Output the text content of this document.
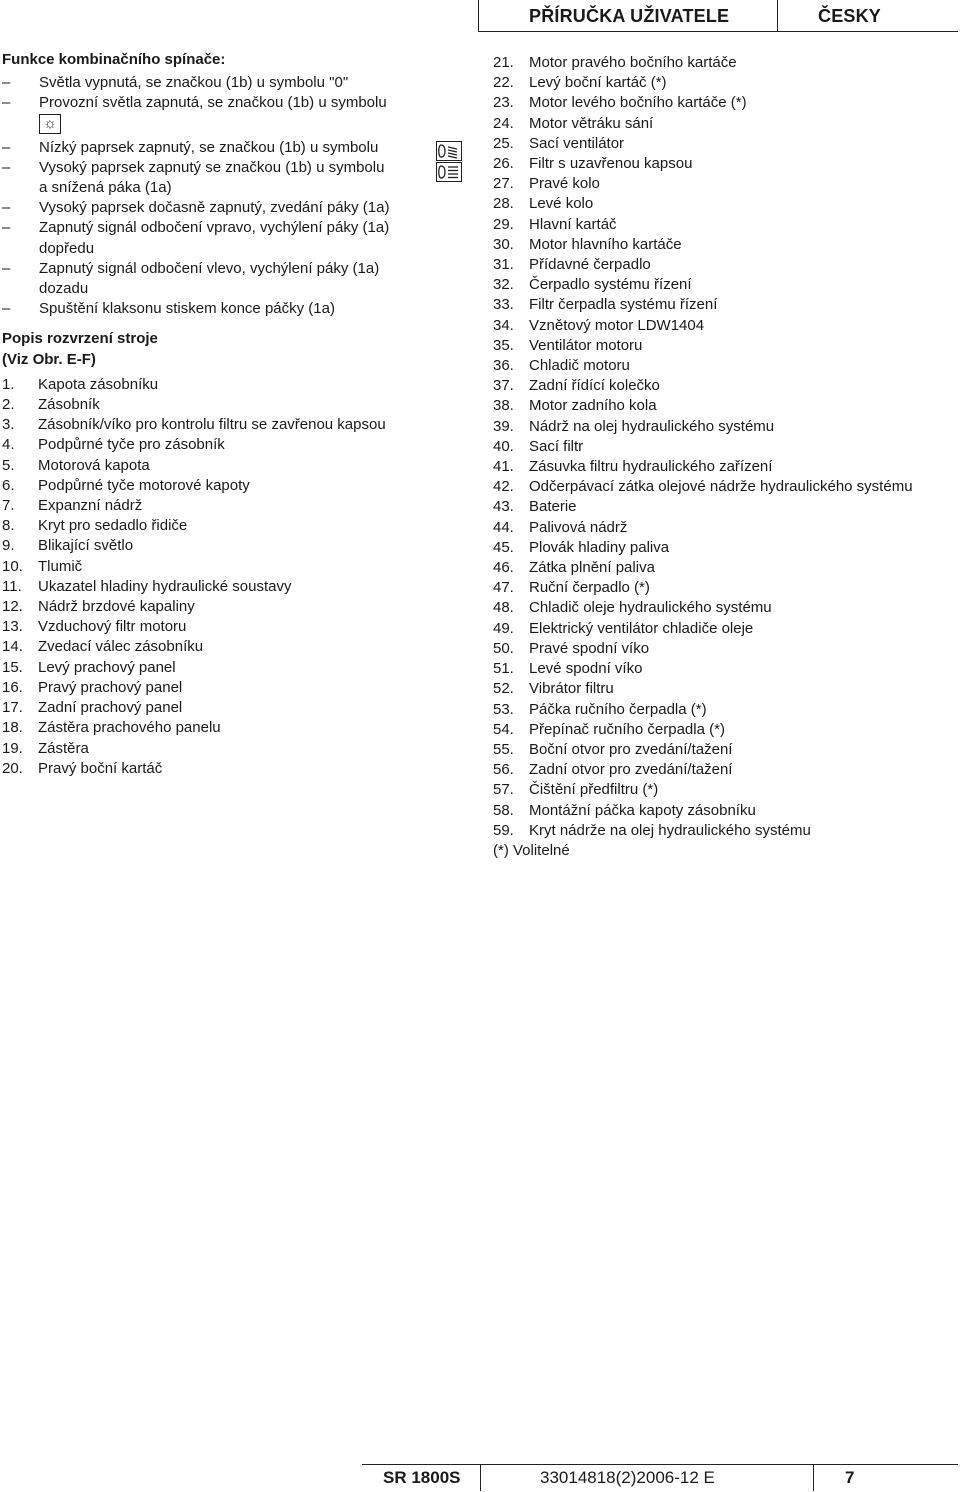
PŘÍRUČKA UŽIVATELE	ČESKY
Funkce kombinačního spínače:
– Světla vypnutá, se značkou (1b) u symbolu "0"
– Provozní světla zapnutá, se značkou (1b) u symbolu
☼
– Nízký paprsek zapnutý, se značkou (1b) u symbolu
– Vysoký paprsek zapnutý se značkou (1b) u symbolu
a snížená páka (1a)
– Vysoký paprsek dočasně zapnutý, zvedání páky (1a)
– Zapnutý signál odbočení vpravo, vychýlení páky (1a)
dopředu
– Zapnutý signál odbočení vlevo, vychýlení páky (1a)
dozadu
– Spuštění klaksonu stiskem konce páčky (1a)
Popis rozvrzení stroje
(Viz Obr. E-F)
1. Kapota zásobníku
2. Zásobník
3. Zásobník/víko pro kontrolu filtru se zavřenou kapsou
4. Podpůrné tyče pro zásobník
5. Motorová kapota
6. Podpůrné tyče motorové kapoty
7. Expanzní nádrž
8. Kryt pro sedadlo řidiče
9. Blikající světlo
10. Tlumič
11. Ukazatel hladiny hydraulické soustavy
12. Nádrž brzdové kapaliny
13. Vzduchový filtr motoru
14. Zvedací válec zásobníku
15. Levý prachový panel
16. Pravý prachový panel
17. Zadní prachový panel
18. Zástěra prachového panelu
19. Zástěra
20. Pravý boční kartáč
21. Motor pravého bočního kartáče
22. Levý boční kartáč (*)
23. Motor levého bočního kartáče (*)
24. Motor větráku sání
25. Sací ventilátor
26. Filtr s uzavřenou kapsou
27. Pravé kolo
28. Levé kolo
29. Hlavní kartáč
30. Motor hlavního kartáče
31. Přídavné čerpadlo
32. Čerpadlo systému řízení
33. Filtr čerpadla systému řízení
34. Vznětový motor LDW1404
35. Ventilátor motoru
36. Chladič motoru
37. Zadní řídící kolečko
38. Motor zadního kola
39. Nádrž na olej hydraulického systému
40. Sací filtr
41. Zásuvka filtru hydraulického zařízení
42. Odčerpávací zátka olejové nádrže hydraulického systému
43. Baterie
44. Palivová nádrž
45. Plovák hladiny paliva
46. Zátka plnění paliva
47. Ruční čerpadlo (*)
48. Chladič oleje hydraulického systému
49. Elektrický ventilátor chladiče oleje
50. Pravé spodní víko
51. Levé spodní víko
52. Vibrátor filtru
53. Páčka ručního čerpadla (*)
54. Přepínač ručního čerpadla (*)
55. Boční otvor pro zvedání/tažení
56. Zadní otvor pro zvedání/tažení
57. Čištění předfiltru (*)
58. Montážní páčka kapoty zásobníku
59. Kryt nádrže na olej hydraulického systému
(*) Volitelné
SR 1800S	33014818(2)2006-12 E	7
